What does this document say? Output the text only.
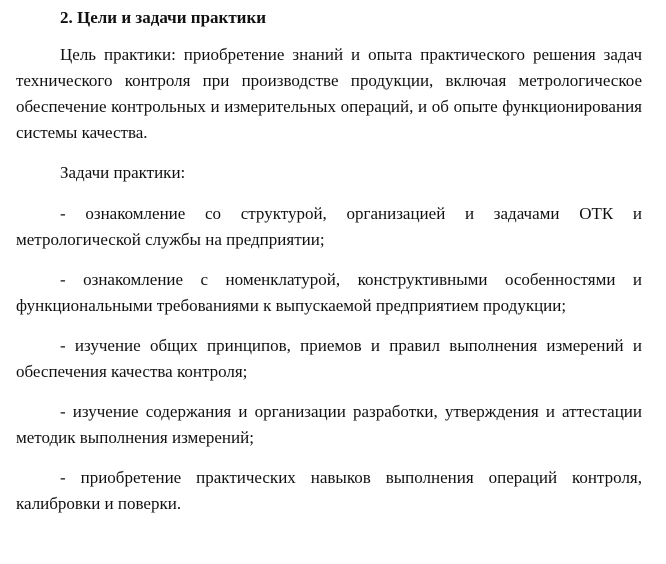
2. Цели и задачи практики

Цель практики: приобретение знаний и опыта практического решения задач технического контроля при производстве продукции, включая метрологическое обеспечение контрольных и измерительных операций, и об опыте функционирования системы качества.

Задачи практики:

- ознакомление со структурой, организацией и задачами ОТК и метрологической службы на предприятии;

- ознакомление с номенклатурой, конструктивными особенностями и функциональными требованиями к выпускаемой предприятием продукции;

- изучение общих принципов, приемов и правил выполнения измерений и обеспечения качества контроля;

- изучение содержания и организации разработки, утверждения и аттестации методик выполнения измерений;

- приобретение практических навыков выполнения операций контроля, калибровки и поверки.
